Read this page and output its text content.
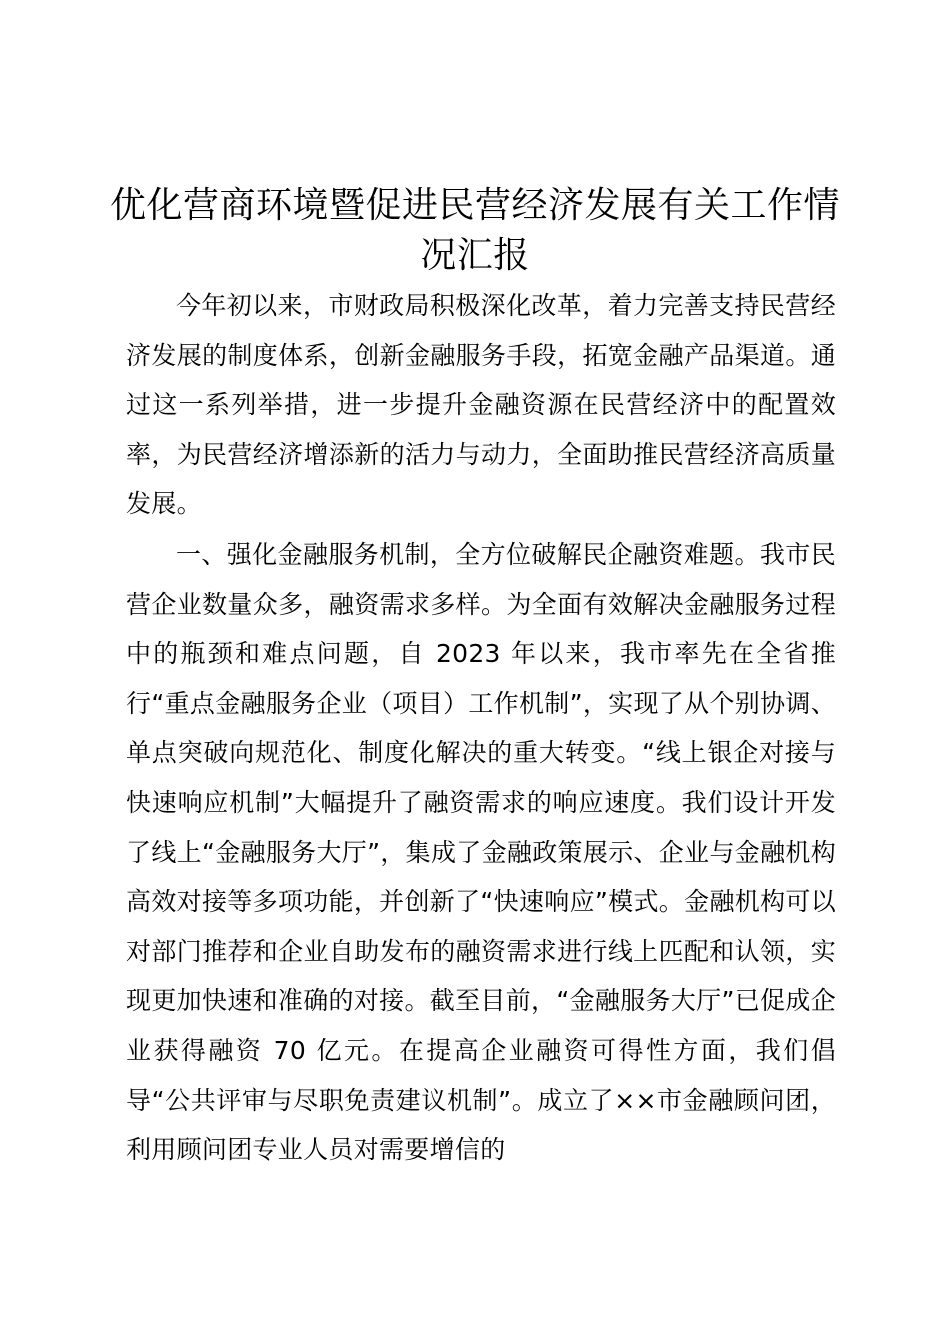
优化营商环境暨促进民营经济发展有关工作情况汇报

今年初以来，市财政局积极深化改革，着力完善支持民营经济发展的制度体系，创新金融服务手段，拓宽金融产品渠道。通过这一系列举措，进一步提升金融资源在民营经济中的配置效率，为民营经济增添新的活力与动力，全面助推民营经济高质量发展。

一、强化金融服务机制，全方位破解民企融资难题。我市民营企业数量众多，融资需求多样。为全面有效解决金融服务过程中的瓶颈和难点问题，自 2023 年以来，我市率先在全省推行“重点金融服务企业（项目）工作机制”，实现了从个别协调、单点突破向规范化、制度化解决的重大转变。“线上银企对接与快速响应机制”大幅提升了融资需求的响应速度。我们设计开发了线上“金融服务大厅”，集成了金融政策展示、企业与金融机构高效对接等多项功能，并创新了“快速响应”模式。金融机构可以对部门推荐和企业自助发布的融资需求进行线上匹配和认领，实现更加快速和准确的对接。截至目前，“金融服务大厅”已促成企业获得融资 70 亿元。在提高企业融资可得性方面，我们倡导“公共评审与尽职免责建议机制”。成立了××市金融顾问团，利用顾问团专业人员对需要增信的
